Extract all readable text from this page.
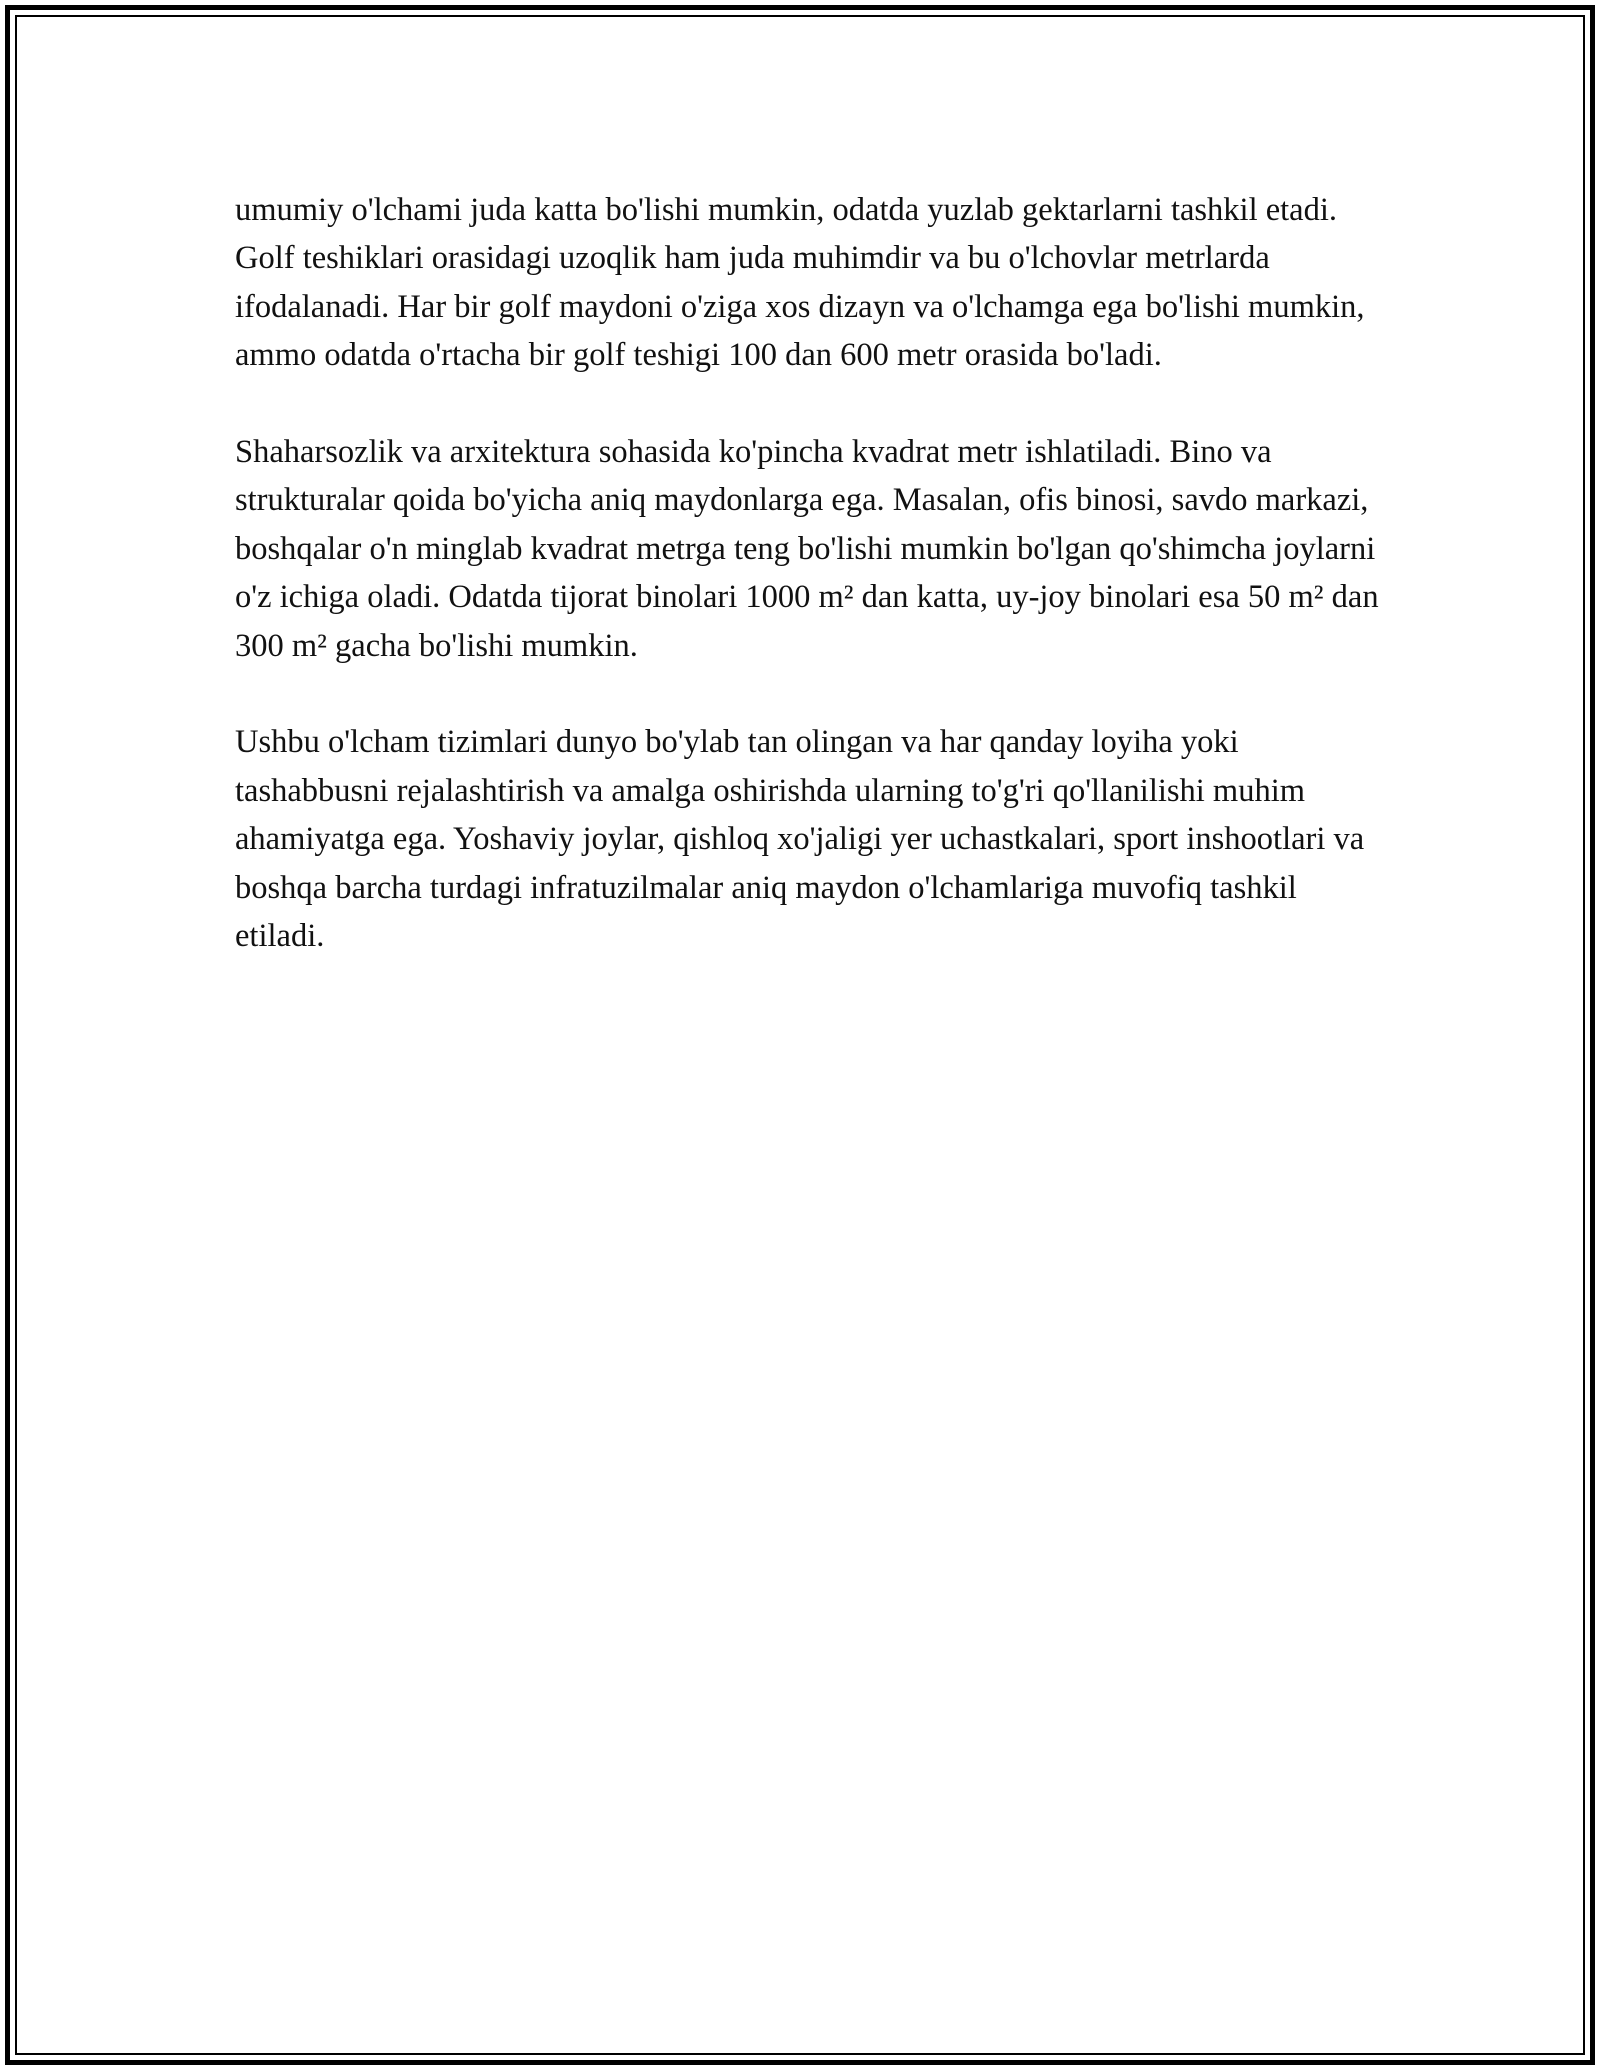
umumiy o'lchami juda katta bo'lishi mumkin, odatda yuzlab gektarlarni tashkil etadi. Golf teshiklari orasidagi uzoqlik ham juda muhimdir va bu o'lchovlar metrlarda ifodalanadi. Har bir golf maydoni o'ziga xos dizayn va o'lchamga ega bo'lishi mumkin, ammo odatda o'rtacha bir golf teshigi 100 dan 600 metr orasida bo'ladi.

Shaharsozlik va arxitektura sohasida ko'pincha kvadrat metr ishlatiladi. Bino va strukturalar qoida bo'yicha aniq maydonlarga ega. Masalan, ofis binosi, savdo markazi, boshqalar o'n minglab kvadrat metrga teng bo'lishi mumkin bo'lgan qo'shimcha joylarni o'z ichiga oladi. Odatda tijorat binolari 1000 m² dan katta, uy-joy binolari esa 50 m² dan 300 m² gacha bo'lishi mumkin.

Ushbu o'lcham tizimlari dunyo bo'ylab tan olingan va har qanday loyiha yoki tashabbusni rejalashtirish va amalga oshirishda ularning to'g'ri qo'llanilishi muhim ahamiyatga ega. Yoshaviy joylar, qishloq xo'jaligi yer uchastkalari, sport inshootlari va boshqa barcha turdagi infratuzilmalar aniq maydon o'lchamlariga muvofiq tashkil etiladi.
